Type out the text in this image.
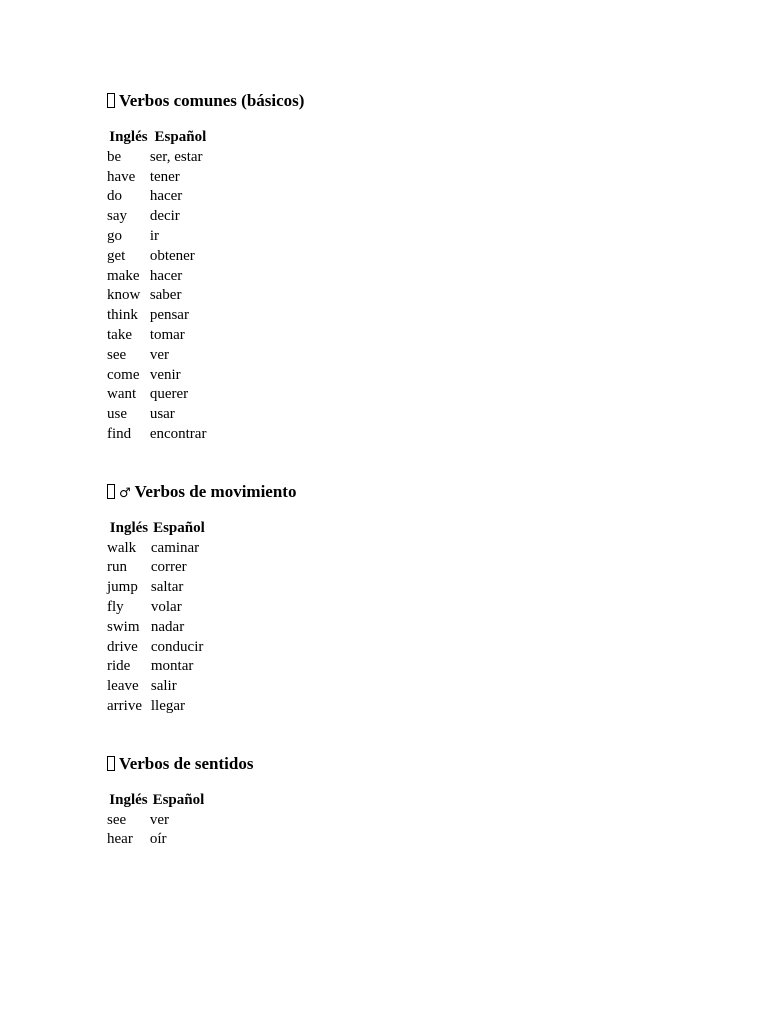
Verbos comunes (básicos)
Inglés	Español
be	ser, estar
have	tener
do	hacer
say	decir
go	ir
get	obtener
make	hacer
know	saber
think	pensar
take	tomar
see	ver
come	venir
want	querer
use	usar
find	encontrar
♂ Verbos de movimiento
Inglés	Español
walk	caminar
run	correr
jump	saltar
fly	volar
swim	nadar
drive	conducir
ride	montar
leave	salir
arrive	llegar
Verbos de sentidos
Inglés	Español
see	ver
hear	oír
